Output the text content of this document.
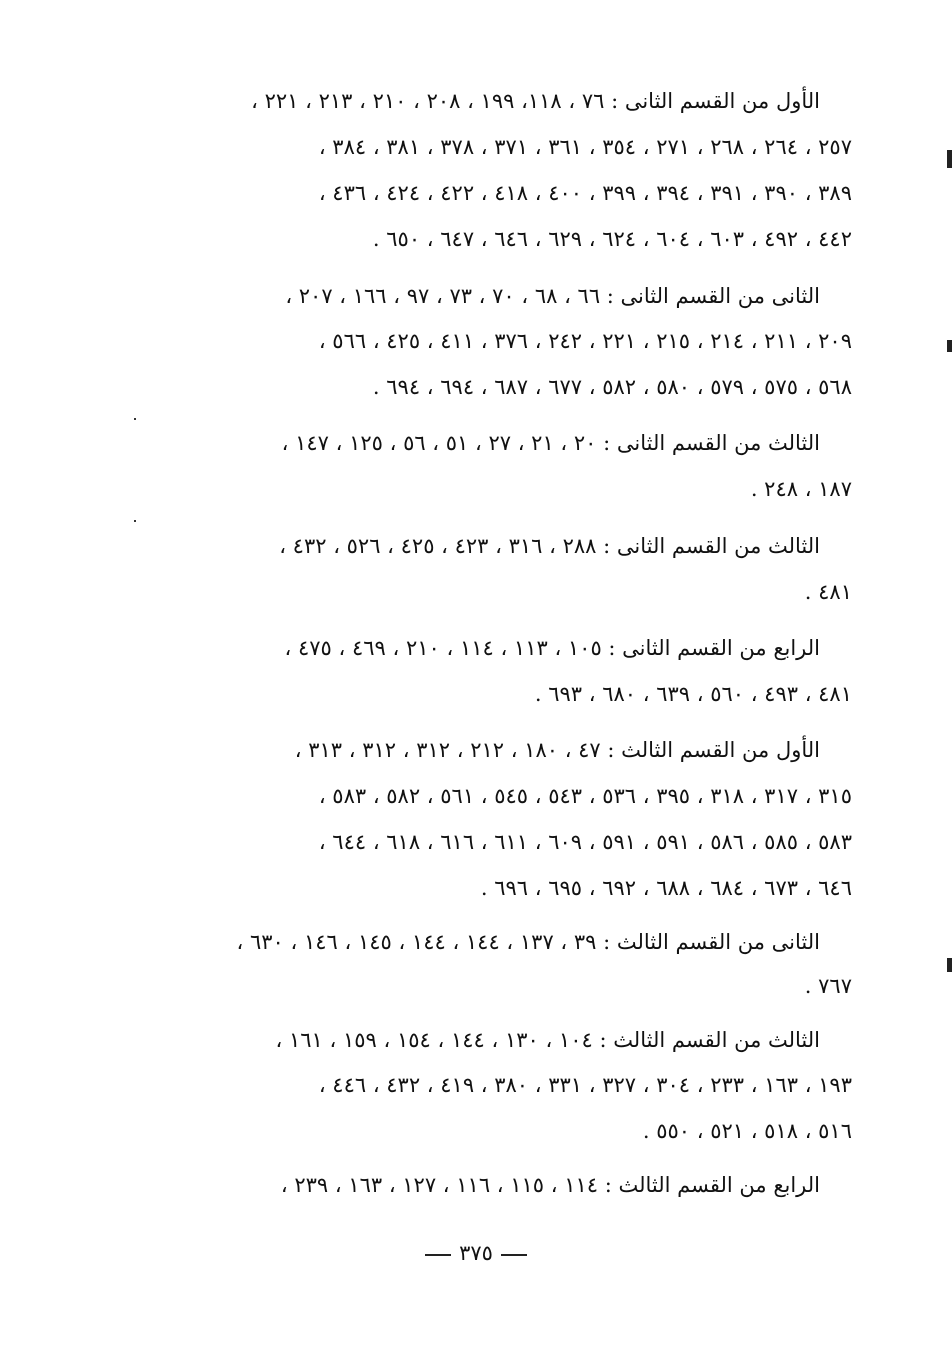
الأول من القسم الثانى : ٧٦ ، ١١٨، ١٩٩ ، ٢٠٨ ، ٢١٠ ، ٢١٣ ، ٢٢١ ،
٢٥٧ ، ٢٦٤ ، ٢٦٨ ، ٢٧١ ، ٣٥٤ ، ٣٦١ ، ٣٧١ ، ٣٧٨ ، ٣٨١ ، ٣٨٤ ،
٣٨٩ ، ٣٩٠ ، ٣٩١ ، ٣٩٤ ، ٣٩٩ ، ٤٠٠ ، ٤١٨ ، ٤٢٢ ، ٤٢٤ ، ٤٣٦ ،
٤٤٢ ، ٤٩٢ ، ٦٠٣ ، ٦٠٤ ، ٦٢٤ ، ٦٢٩ ، ٦٤٦ ، ٦٤٧ ، ٦٥٠ .
الثانى من القسم الثانى : ٦٦ ، ٦٨ ، ٧٠ ، ٧٣ ، ٩٧ ، ١٦٦ ، ٢٠٧ ،
٢٠٩ ، ٢١١ ، ٢١٤ ، ٢١٥ ، ٢٢١ ، ٢٤٢ ، ٣٧٦ ، ٤١١ ، ٤٢٥ ، ٥٦٦ ،
٥٦٨ ، ٥٧٥ ، ٥٧٩ ، ٥٨٠ ، ٥٨٢ ، ٦٧٧ ، ٦٨٧ ، ٦٩٤ ، ٦٩٤ .
الثالث من القسم الثانى : ٢٠ ، ٢١ ، ٢٧ ، ٥١ ، ٥٦ ، ١٢٥ ، ١٤٧ ،
١٨٧ ، ٢٤٨ .
الثالث من القسم الثانى : ٢٨٨ ، ٣١٦ ، ٤٢٣ ، ٤٢٥ ، ٥٢٦ ، ٤٣٢ ،
٤٨١ .
الرابع من القسم الثانى : ١٠٥ ، ١١٣ ، ١١٤ ، ٢١٠ ، ٤٦٩ ، ٤٧٥ ،
٤٨١ ، ٤٩٣ ، ٥٦٠ ، ٦٣٩ ، ٦٨٠ ، ٦٩٣ .
الأول من القسم الثالث : ٤٧ ، ١٨٠ ، ٢١٢ ، ٣١٢ ، ٣١٢ ، ٣١٣ ،
٣١٥ ، ٣١٧ ، ٣١٨ ، ٣٩٥ ، ٥٣٦ ، ٥٤٣ ، ٥٤٥ ، ٥٦١ ، ٥٨٢ ، ٥٨٣ ،
٥٨٣ ، ٥٨٥ ، ٥٨٦ ، ٥٩١ ، ٥٩١ ، ٦٠٩ ، ٦١١ ، ٦١٦ ، ٦١٨ ، ٦٤٤ ،
٦٤٦ ، ٦٧٣ ، ٦٨٤ ، ٦٨٨ ، ٦٩٢ ، ٦٩٥ ، ٦٩٦ .
الثانى من القسم الثالث : ٣٩ ، ١٣٧ ، ١٤٤ ، ١٤٤ ، ١٤٥ ، ١٤٦ ، ٦٣٠ ،
٧٦٧ .
الثالث من القسم الثالث : ١٠٤ ، ١٣٠ ، ١٤٤ ، ١٥٤ ، ١٥٩ ، ١٦١ ،
١٩٣ ، ١٦٣ ، ٢٣٣ ، ٣٠٤ ، ٣٢٧ ، ٣٣١ ، ٣٨٠ ، ٤١٩ ، ٤٣٢ ، ٤٤٦ ،
٥١٦ ، ٥١٨ ، ٥٢١ ، ٥٥٠ .
الرابع من القسم الثالث : ١١٤ ، ١١٥ ، ١١٦ ، ١٢٧ ، ١٦٣ ، ٢٣٩ ،
٣٧٥
